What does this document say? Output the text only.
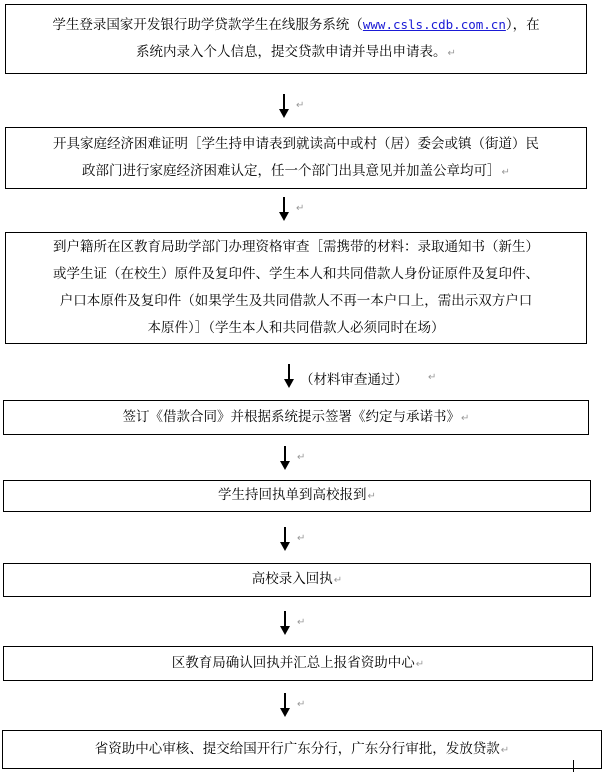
学生登录国家开发银行助学贷款学生在线服务系统（www.csls.cdb.com.cn），在

系统内录入个人信息，提交贷款申请并导出申请表。↵

↵

开具家庭经济困难证明［学生持申请表到就读高中或村（居）委会或镇（街道）民

政部门进行家庭经济困难认定，任一个部门出具意见并加盖公章均可］↵

↵

到户籍所在区教育局助学部门办理资格审查［需携带的材料：录取通知书（新生）

或学生证（在校生）原件及复印件、学生本人和共同借款人身份证原件及复印件、

户口本原件及复印件（如果学生及共同借款人不再一本户口上，需出示双方户口

本原件）］（学生本人和共同借款人必须同时在场）

（材料审查通过） ↵
签订《借款合同》并根据系统提示签署《约定与承诺书》↵
↵
学生持回执单到高校报到↵
↵
高校录入回执↵
↵
区教育局确认回执并汇总上报省资助中心↵
↵
省资助中心审核、提交给国开行广东分行，广东分行审批，发放贷款↵
